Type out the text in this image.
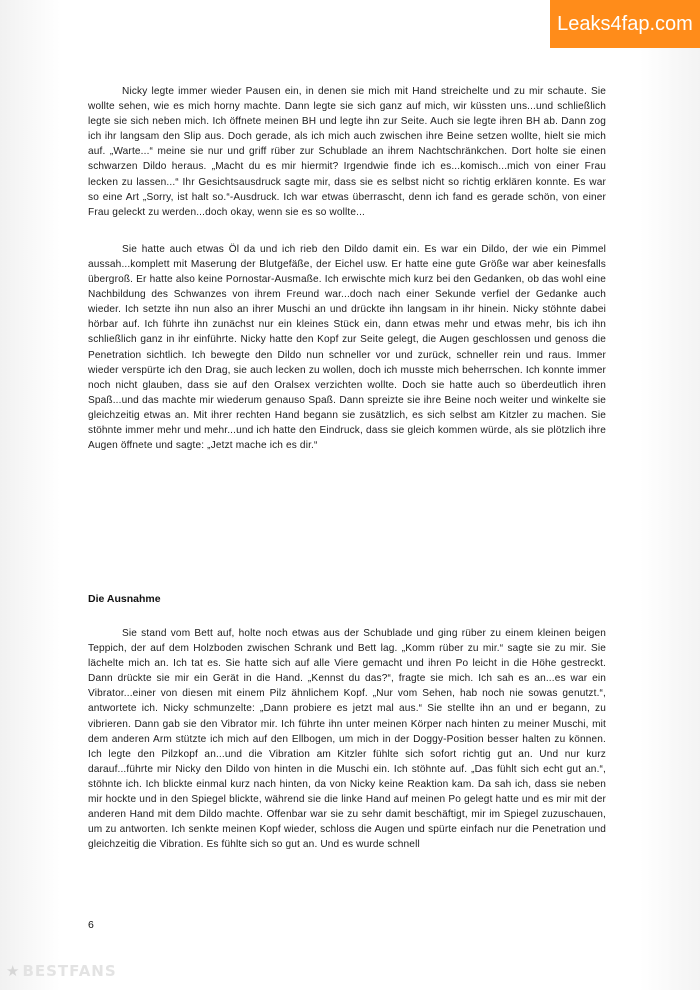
Leaks4fap.com

Nicky legte immer wieder Pausen ein, in denen sie mich mit Hand streichelte und zu mir schaute. Sie wollte sehen, wie es mich horny machte. Dann legte sie sich ganz auf mich, wir küssten uns...und schließlich legte sie sich neben mich. Ich öffnete meinen BH und legte ihn zur Seite. Auch sie legte ihren BH ab. Dann zog ich ihr langsam den Slip aus. Doch gerade, als ich mich auch zwischen ihre Beine setzen wollte, hielt sie mich auf. „Warte...“ meine sie nur und griff rüber zur Schublade an ihrem Nachtschränkchen. Dort holte sie einen schwarzen Dildo heraus. „Macht du es mir hiermit? Irgendwie finde ich es...komisch...mich von einer Frau lecken zu lassen...“ Ihr Gesichtsausdruck sagte mir, dass sie es selbst nicht so richtig erklären konnte. Es war so eine Art „Sorry, ist halt so.“-Ausdruck. Ich war etwas überrascht, denn ich fand es gerade schön, von einer Frau geleckt zu werden...doch okay, wenn sie es so wollte...

Sie hatte auch etwas Öl da und ich rieb den Dildo damit ein. Es war ein Dildo, der wie ein Pimmel aussah...komplett mit Maserung der Blutgefäße, der Eichel usw. Er hatte eine gute Größe war aber keinesfalls übergroß. Er hatte also keine Pornostar-Ausmaße. Ich erwischte mich kurz bei den Gedanken, ob das wohl eine Nachbildung des Schwanzes von ihrem Freund war...doch nach einer Sekunde verfiel der Gedanke auch wieder. Ich setzte ihn nun also an ihrer Muschi an und drückte ihn langsam in ihr hinein. Nicky stöhnte dabei hörbar auf. Ich führte ihn zunächst nur ein kleines Stück ein, dann etwas mehr und etwas mehr, bis ich ihn schließlich ganz in ihr einführte. Nicky hatte den Kopf zur Seite gelegt, die Augen geschlossen und genoss die Penetration sichtlich. Ich bewegte den Dildo nun schneller vor und zurück, schneller rein und raus. Immer wieder verspürte ich den Drag, sie auch lecken zu wollen, doch ich musste mich beherrschen. Ich konnte immer noch nicht glauben, dass sie auf den Oralsex verzichten wollte. Doch sie hatte auch so überdeutlich ihren Spaß...und das machte mir wiederum genauso Spaß. Dann spreizte sie ihre Beine noch weiter und winkelte sie gleichzeitig etwas an. Mit ihrer rechten Hand begann sie zusätzlich, es sich selbst am Kitzler zu machen. Sie stöhnte immer mehr und mehr...und ich hatte den Eindruck, dass sie gleich kommen würde, als sie plötzlich ihre Augen öffnete und sagte: „Jetzt mache ich es dir.“

Die Ausnahme

Sie stand vom Bett auf, holte noch etwas aus der Schublade und ging rüber zu einem kleinen beigen Teppich, der auf dem Holzboden zwischen Schrank und Bett lag. „Komm rüber zu mir.“ sagte sie zu mir. Sie lächelte mich an. Ich tat es. Sie hatte sich auf alle Viere gemacht und ihren Po leicht in die Höhe gestreckt. Dann drückte sie mir ein Gerät in die Hand. „Kennst du das?“, fragte sie mich. Ich sah es an...es war ein Vibrator...einer von diesen mit einem Pilz ähnlichem Kopf. „Nur vom Sehen, hab noch nie sowas genutzt.“, antwortete ich. Nicky schmunzelte: „Dann probiere es jetzt mal aus.“ Sie stellte ihn an und er begann, zu vibrieren. Dann gab sie den Vibrator mir. Ich führte ihn unter meinen Körper nach hinten zu meiner Muschi, mit dem anderen Arm stützte ich mich auf den Ellbogen, um mich in der Doggy-Position besser halten zu können. Ich legte den Pilzkopf an...und die Vibration am Kitzler fühlte sich sofort richtig gut an. Und nur kurz darauf...führte mir Nicky den Dildo von hinten in die Muschi ein. Ich stöhnte auf. „Das fühlt sich echt gut an.“, stöhnte ich. Ich blickte einmal kurz nach hinten, da von Nicky keine Reaktion kam. Da sah ich, dass sie neben mir hockte und in den Spiegel blickte, während sie die linke Hand auf meinen Po gelegt hatte und es mir mit der anderen Hand mit dem Dildo machte. Offenbar war sie zu sehr damit beschäftigt, mir im Spiegel zuzuschauen, um zu antworten. Ich senkte meinen Kopf wieder, schloss die Augen und spürte einfach nur die Penetration und gleichzeitig die Vibration. Es fühlte sich so gut an. Und es wurde schnell

6
★ BESTFANS
